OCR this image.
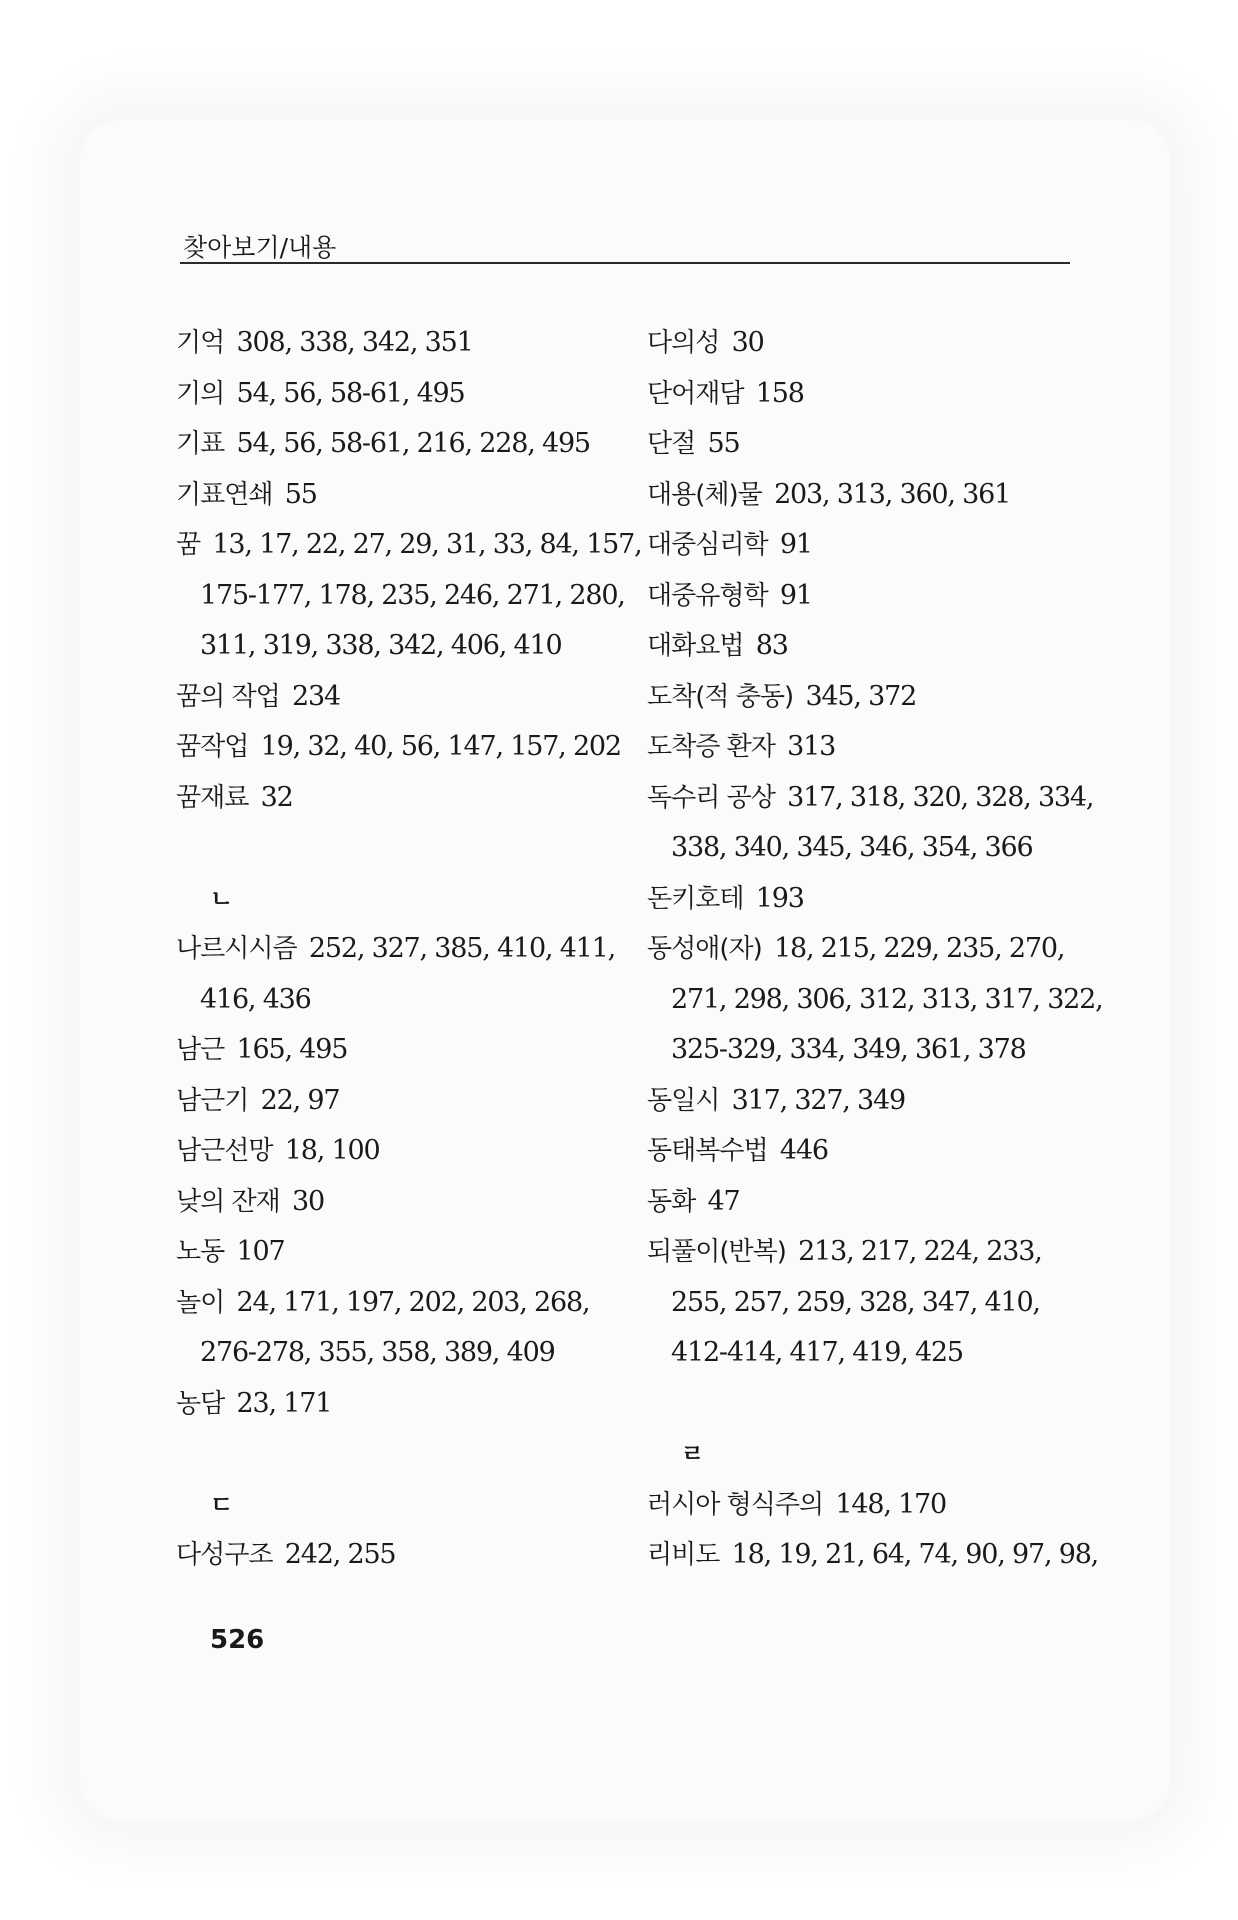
찾아보기/내용
기억 308, 338, 342, 351
기의 54, 56, 58-61, 495
기표 54, 56, 58-61, 216, 228, 495
기표연쇄 55
꿈 13, 17, 22, 27, 29, 31, 33, 84, 157,
175-177, 178, 235, 246, 271, 280,
311, 319, 338, 342, 406, 410
꿈의 작업 234
꿈작업 19, 32, 40, 56, 147, 157, 202
꿈재료 32
ㄴ
나르시시즘 252, 327, 385, 410, 411,
416, 436
남근 165, 495
남근기 22, 97
남근선망 18, 100
낮의 잔재 30
노동 107
놀이 24, 171, 197, 202, 203, 268,
276-278, 355, 358, 389, 409
농담 23, 171
ㄷ
다성구조 242, 255
다의성 30
단어재담 158
단절 55
대용(체)물 203, 313, 360, 361
대중심리학 91
대중유형학 91
대화요법 83
도착(적 충동) 345, 372
도착증 환자 313
독수리 공상 317, 318, 320, 328, 334,
338, 340, 345, 346, 354, 366
돈키호테 193
동성애(자) 18, 215, 229, 235, 270,
271, 298, 306, 312, 313, 317, 322,
325-329, 334, 349, 361, 378
동일시 317, 327, 349
동태복수법 446
동화 47
되풀이(반복) 213, 217, 224, 233,
255, 257, 259, 328, 347, 410,
412-414, 417, 419, 425
ㄹ
러시아 형식주의 148, 170
리비도 18, 19, 21, 64, 74, 90, 97, 98,
526
